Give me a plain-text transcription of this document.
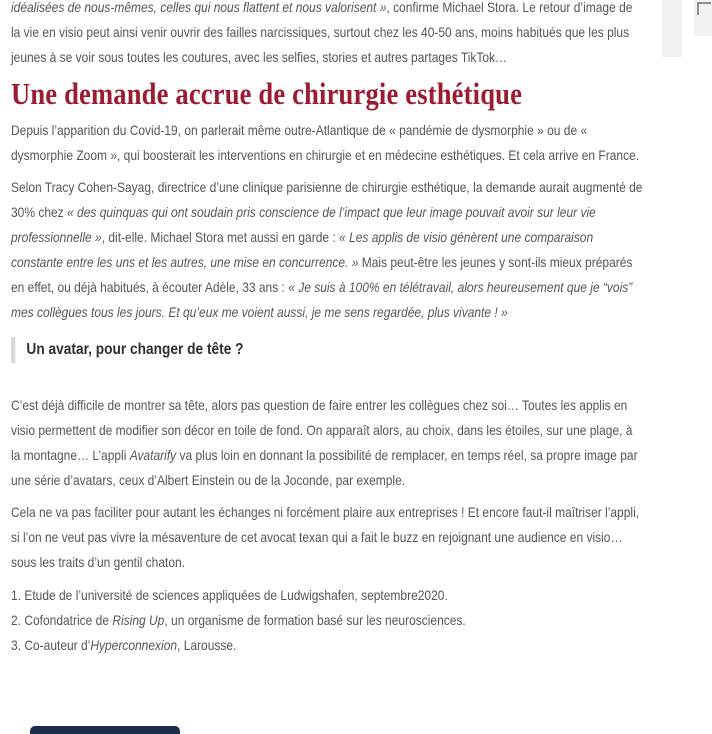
idéalisées de nous-mêmes, celles qui nous flattent et nous valorisent », confirme Michael Stora. Le retour d’image de la vie en visio peut ainsi venir ouvrir des failles narcissiques, surtout chez les 40-50 ans, moins habitués que les plus jeunes à se voir sous toutes les coutures, avec les selfies, stories et autres partages TikTok…

Une demande accrue de chirurgie esthétique

Depuis l’apparition du Covid-19, on parlerait même outre-Atlantique de « pandémie de dysmorphie » ou de « dysmorphie Zoom », qui boosterait les interventions en chirurgie et en médecine esthétiques. Et cela arrive en France.

Selon Tracy Cohen-Sayag, directrice d’une clinique parisienne de chirurgie esthétique, la demande aurait augmenté de 30% chez « des quinquas qui ont soudain pris conscience de l’impact que leur image pouvait avoir sur leur vie professionnelle », dit-elle. Michael Stora met aussi en garde : « Les applis de visio génèrent une comparaison constante entre les uns et les autres, une mise en concurrence. » Mais peut-être les jeunes y sont-ils mieux préparés en effet, ou déjà habitués, à écouter Adèle, 33 ans : « Je suis à 100% en télétravail, alors heureusement que je “vois” mes collègues tous les jours. Et qu’eux me voient aussi, je me sens regardée, plus vivante ! »

Un avatar, pour changer de tête ?

C’est déjà difficile de montrer sa tête, alors pas question de faire entrer les collègues chez soi… Toutes les applis en visio permettent de modifier son décor en toile de fond. On apparaît alors, au choix, dans les étoiles, sur une plage, à la montagne… L’appli Avatarify va plus loin en donnant la possibilité de remplacer, en temps réel, sa propre image par une série d’avatars, ceux d’Albert Einstein ou de la Joconde, par exemple.

Cela ne va pas faciliter pour autant les échanges ni forcément plaire aux entreprises ! Et encore faut-il maîtriser l’appli, si l’on ne veut pas vivre la mésaventure de cet avocat texan qui a fait le buzz en rejoignant une audience en visio… sous les traits d’un gentil chaton.

1. Etude de l’université de sciences appliquées de Ludwigshafen, septembre2020.

2. Cofondatrice de Rising Up, un organisme de formation basé sur les neurosciences.

3. Co-auteur d’Hyperconnexion, Larousse.
